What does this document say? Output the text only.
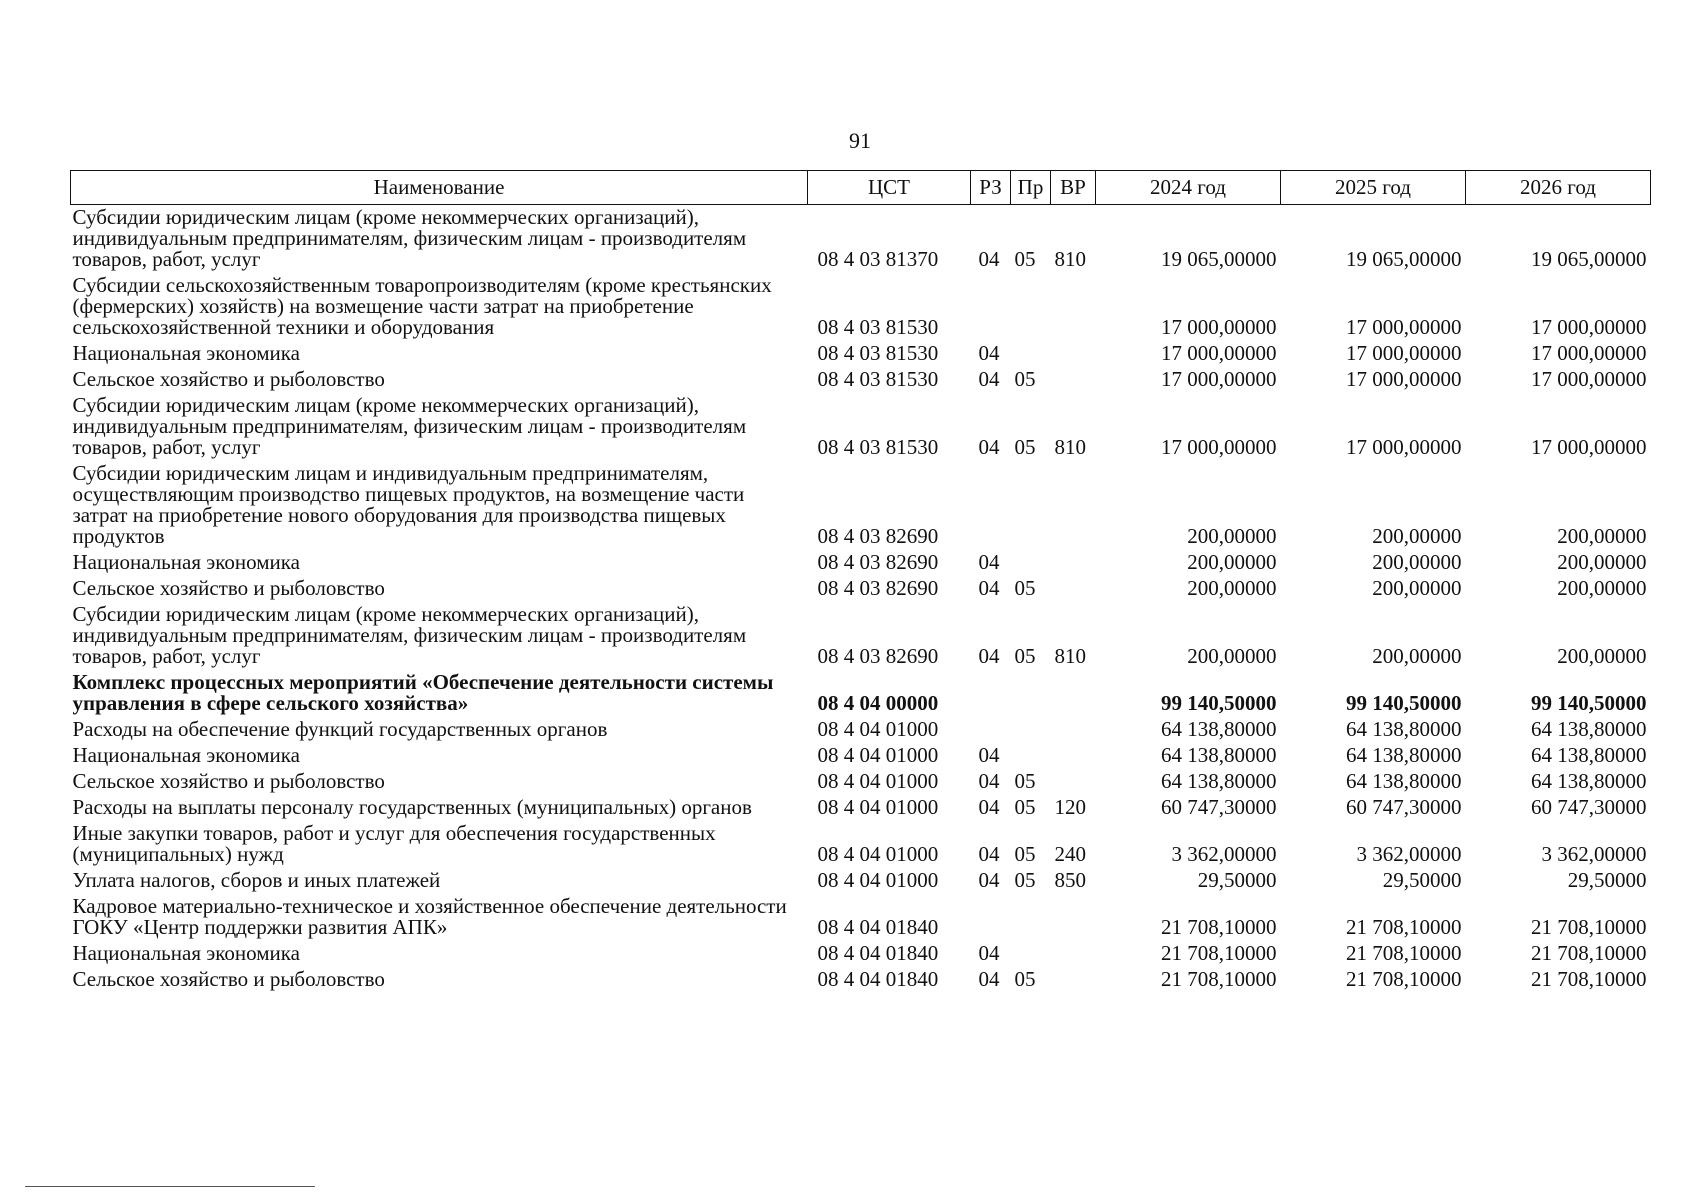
91
Наименование	ЦСТ	РЗ	Пр	ВР	2024 год	2025 год	2026 год
Субсидии юридическим лицам (кроме некоммерческих организаций), индивидуальным предпринимателям, физическим лицам - производителям товаров, работ, услуг	08 4 03 81370	04	05	810	19 065,00000	19 065,00000	19 065,00000
Субсидии сельскохозяйственным товаропроизводителям (кроме крестьянских (фермерских) хозяйств) на возмещение части затрат на приобретение сельскохозяйственной техники и оборудования	08 4 03 81530				17 000,00000	17 000,00000	17 000,00000
Национальная экономика	08 4 03 81530	04			17 000,00000	17 000,00000	17 000,00000
Сельское хозяйство и рыболовство	08 4 03 81530	04	05		17 000,00000	17 000,00000	17 000,00000
Субсидии юридическим лицам (кроме некоммерческих организаций), индивидуальным предпринимателям, физическим лицам - производителям товаров, работ, услуг	08 4 03 81530	04	05	810	17 000,00000	17 000,00000	17 000,00000
Субсидии юридическим лицам и индивидуальным предпринимателям, осуществляющим производство пищевых продуктов, на возмещение части затрат на приобретение нового оборудования для производства пищевых продуктов	08 4 03 82690				200,00000	200,00000	200,00000
Национальная экономика	08 4 03 82690	04			200,00000	200,00000	200,00000
Сельское хозяйство и рыболовство	08 4 03 82690	04	05		200,00000	200,00000	200,00000
Субсидии юридическим лицам (кроме некоммерческих организаций), индивидуальным предпринимателям, физическим лицам - производителям товаров, работ, услуг	08 4 03 82690	04	05	810	200,00000	200,00000	200,00000
Комплекс процессных мероприятий «Обеспечение деятельности системы управления в сфере сельского хозяйства»	08 4 04 00000				99 140,50000	99 140,50000	99 140,50000
Расходы на обеспечение функций государственных органов	08 4 04 01000				64 138,80000	64 138,80000	64 138,80000
Национальная экономика	08 4 04 01000	04			64 138,80000	64 138,80000	64 138,80000
Сельское хозяйство и рыболовство	08 4 04 01000	04	05		64 138,80000	64 138,80000	64 138,80000
Расходы на выплаты персоналу государственных (муниципальных) органов	08 4 04 01000	04	05	120	60 747,30000	60 747,30000	60 747,30000
Иные закупки товаров, работ и услуг для обеспечения государственных (муниципальных) нужд	08 4 04 01000	04	05	240	3 362,00000	3 362,00000	3 362,00000
Уплата налогов, сборов и иных платежей	08 4 04 01000	04	05	850	29,50000	29,50000	29,50000
Кадровое материально-техническое и хозяйственное обеспечение деятельности ГОКУ «Центр поддержки развития АПК»	08 4 04 01840				21 708,10000	21 708,10000	21 708,10000
Национальная экономика	08 4 04 01840	04			21 708,10000	21 708,10000	21 708,10000
Сельское хозяйство и рыболовство	08 4 04 01840	04	05		21 708,10000	21 708,10000	21 708,10000
